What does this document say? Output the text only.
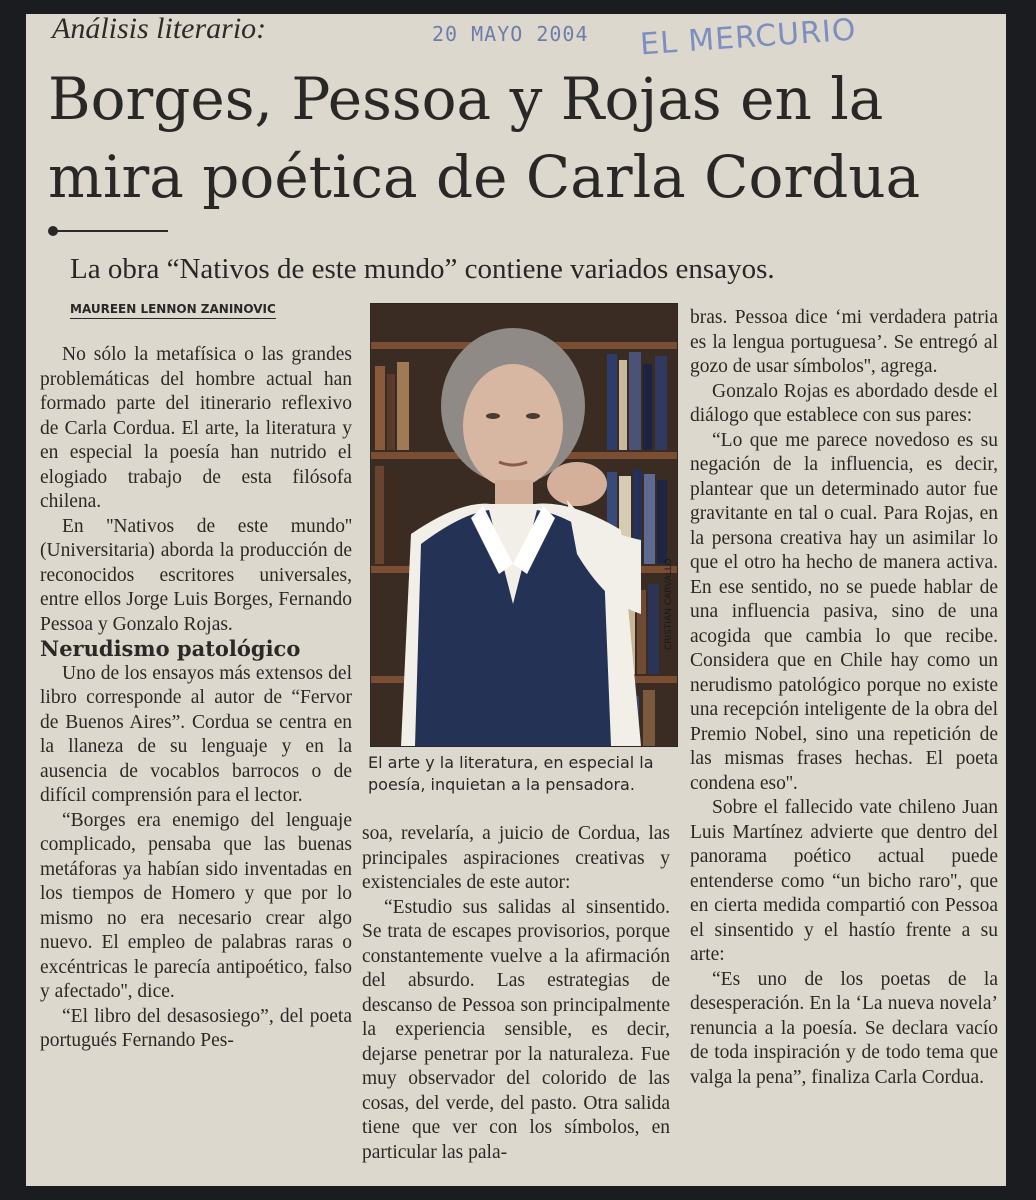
Análisis literario:	20 MAYO 2004 EL MERCURIO
Borges, Pessoa y Rojas en la
mira poética de Carla Cordua
La obra “Nativos de este mundo” contiene variados ensayos.
MAUREEN LENNON ZANINOVIC

No sólo la metafísica o las grandes problemáticas del hombre actual han formado parte del itinerario reflexivo de Carla Cordua. El arte, la literatura y en especial la poesía han nutrido el elogiado trabajo de esta filósofa chilena.

En ''Nativos de este mundo'' (Universitaria) aborda la producción de reconocidos escritores universales, entre ellos Jorge Luis Borges, Fernando Pessoa y Gonzalo Rojas.

Nerudismo patológico

Uno de los ensayos más extensos del libro corresponde al autor de “Fervor de Buenos Aires”. Cordua se centra en la llaneza de su lenguaje y en la ausencia de vocablos barrocos o de difícil comprensión para el lector.

“Borges era enemigo del lenguaje complicado, pensaba que las buenas metáforas ya habían sido inventadas en los tiempos de Homero y que por lo mismo no era necesario crear algo nuevo. El empleo de palabras raras o excéntricas le parecía antipoético, falso y afectado'', dice.

“El libro del desasosiego”, del poeta portugués Fernando Pes-

CRISTIAN CARVALLO
El arte y la literatura, en especial la poesía, inquietan a la pensadora.

soa, revelaría, a juicio de Cordua, las principales aspiraciones creativas y existenciales de este autor:

“Estudio sus salidas al sinsentido. Se trata de escapes provisorios, porque constantemente vuelve a la afirmación del absurdo. Las estrategias de descanso de Pessoa son principalmente la experiencia sensible, es decir, dejarse penetrar por la naturaleza. Fue muy observador del colorido de las cosas, del verde, del pasto. Otra salida tiene que ver con los símbolos, en particular las pala-

bras. Pessoa dice ‘mi verdadera patria es la lengua portuguesa’. Se entregó al gozo de usar símbolos'', agrega.

Gonzalo Rojas es abordado desde el diálogo que establece con sus pares:

“Lo que me parece novedoso es su negación de la influencia, es decir, plantear que un determinado autor fue gravitante en tal o cual. Para Rojas, en la persona creativa hay un asimilar lo que el otro ha hecho de manera activa. En ese sentido, no se puede hablar de una influencia pasiva, sino de una acogida que cambia lo que recibe. Considera que en Chile hay como un nerudismo patológico porque no existe una recepción inteligente de la obra del Premio Nobel, sino una repetición de las mismas frases hechas. El poeta condena eso''.

Sobre el fallecido vate chileno Juan Luis Martínez advierte que dentro del panorama poético actual puede entenderse como “un bicho raro'', que en cierta medida compartió con Pessoa el sinsentido y el hastío frente a su arte:

“Es uno de los poetas de la desesperación. En la ‘La nueva novela’ renuncia a la poesía. Se declara vacío de toda inspiración y de todo tema que valga la pena”, finaliza Carla Cordua.
